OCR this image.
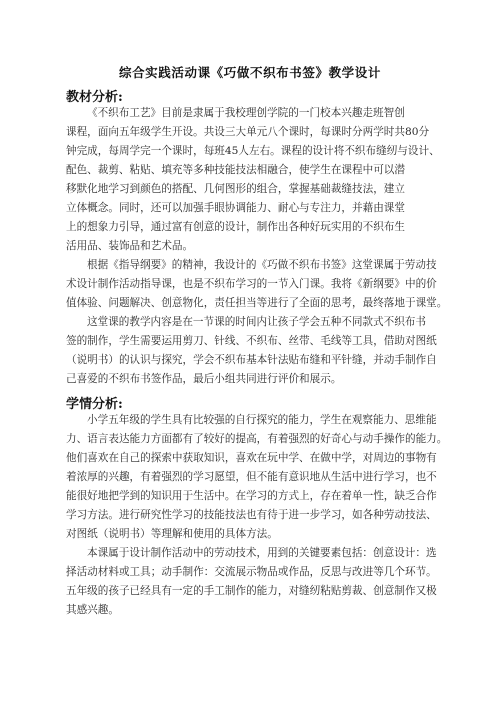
综合实践活动课《巧做不织布书签》教学设计
教材分析:
《不织布工艺》目前是隶属于我校理创学院的一门校本兴趣走班智创
课程，面向五年级学生开设。共设三大单元八个课时，每课时分两学时共80分
钟完成，每周学完一个课时，每班45人左右。课程的设计将不织布缝纫与设计、
配色、裁剪、粘贴、填充等多种技能技法相融合，使学生在课程中可以潜
移默化地学习到颜色的搭配、几何图形的组合，掌握基础裁缝技法，建立
立体概念。同时，还可以加强手眼协调能力、耐心与专注力，并藉由课堂
上的想象力引导，通过富有创意的设计，制作出各种好玩实用的不织布生
活用品、装饰品和艺术品。
根据《指导纲要》的精神，我设计的《巧做不织布书签》这堂课属于劳动技
术设计制作活动指导课，也是不织布学习的一节入门课。我将《新纲要》中的价
值体验、问题解决、创意物化，责任担当等进行了全面的思考，最终落地于课堂。
这堂课的教学内容是在一节课的时间内让孩子学会五种不同款式不织布书
签的制作，学生需要运用剪刀、针线、不织布、丝带、毛线等工具，借助对图纸
（说明书）的认识与探究，学会不织布基本针法贴布缝和平针缝，并动手制作自
己喜爱的不织布书签作品，最后小组共同进行评价和展示。
学情分析:
小学五年级的学生具有比较强的自行探究的能力，学生在观察能力、思维能
力、语言表达能力方面都有了较好的提高，有着强烈的好奇心与动手操作的能力。
他们喜欢在自己的探索中获取知识，喜欢在玩中学、在做中学，对周边的事物有
着浓厚的兴趣，有着强烈的学习愿望，但不能有意识地从生活中进行学习，也不
能很好地把学到的知识用于生活中。在学习的方式上，存在着单一性，缺乏合作
学习方法。进行研究性学习的技能技法也有待于进一步学习，如各种劳动技法、
对图纸（说明书）等理解和使用的具体方法。
本课属于设计制作活动中的劳动技术，用到的关键要素包括：创意设计：选
择活动材料或工具；动手制作：交流展示物品或作品，反思与改进等几个环节。
五年级的孩子已经具有一定的手工制作的能力，对缝纫粘贴剪裁、创意制作又极
其感兴趣。
